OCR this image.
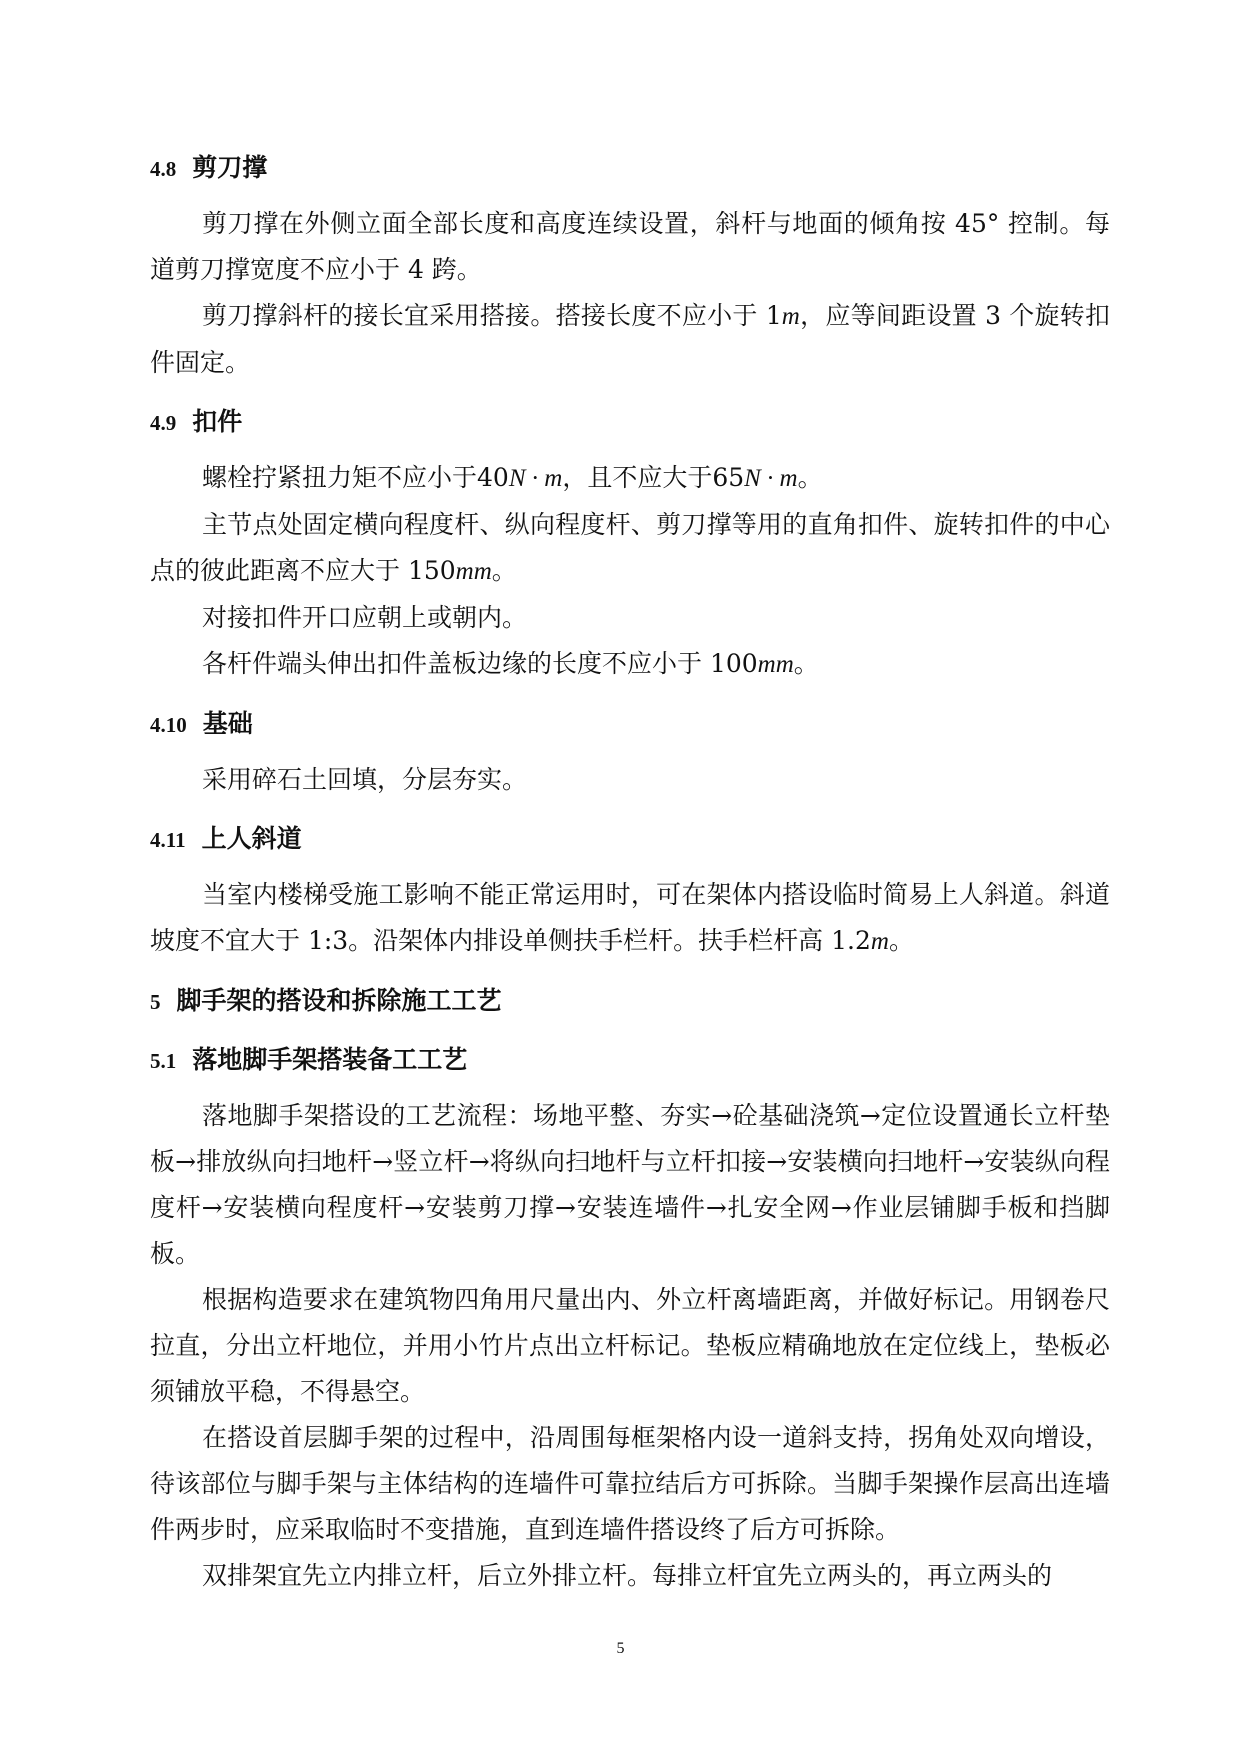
4.8 剪刀撑

剪刀撑在外侧立面全部长度和高度连续设置，斜杆与地面的倾角按 45° 控制。每道剪刀撑宽度不应小于 4 跨。

剪刀撑斜杆的接长宜采用搭接。搭接长度不应小于 1m，应等间距设置 3 个旋转扣件固定。

4.9 扣件

螺栓拧紧扭力矩不应小于40N · m，且不应大于65N · m。

主节点处固定横向程度杆、纵向程度杆、剪刀撑等用的直角扣件、旋转扣件的中心点的彼此距离不应大于 150mm。

对接扣件开口应朝上或朝内。

各杆件端头伸出扣件盖板边缘的长度不应小于 100mm。

4.10 基础

采用碎石土回填，分层夯实。

4.11 上人斜道

当室内楼梯受施工影响不能正常运用时，可在架体内搭设临时简易上人斜道。斜道坡度不宜大于 1:3。沿架体内排设单侧扶手栏杆。扶手栏杆高 1.2m。

5 脚手架的搭设和拆除施工工艺
5.1 落地脚手架搭装备工工艺

落地脚手架搭设的工艺流程：场地平整、夯实→砼基础浇筑→定位设置通长立杆垫板→排放纵向扫地杆→竖立杆→将纵向扫地杆与立杆扣接→安装横向扫地杆→安装纵向程度杆→安装横向程度杆→安装剪刀撑→安装连墙件→扎安全网→作业层铺脚手板和挡脚板。

根据构造要求在建筑物四角用尺量出内、外立杆离墙距离，并做好标记。用钢卷尺拉直，分出立杆地位，并用小竹片点出立杆标记。垫板应精确地放在定位线上，垫板必须铺放平稳，不得悬空。

在搭设首层脚手架的过程中，沿周围每框架格内设一道斜支持，拐角处双向增设，待该部位与脚手架与主体结构的连墙件可靠拉结后方可拆除。当脚手架操作层高出连墙件两步时，应采取临时不变措施，直到连墙件搭设终了后方可拆除。

双排架宜先立内排立杆，后立外排立杆。每排立杆宜先立两头的，再立两头的

5
